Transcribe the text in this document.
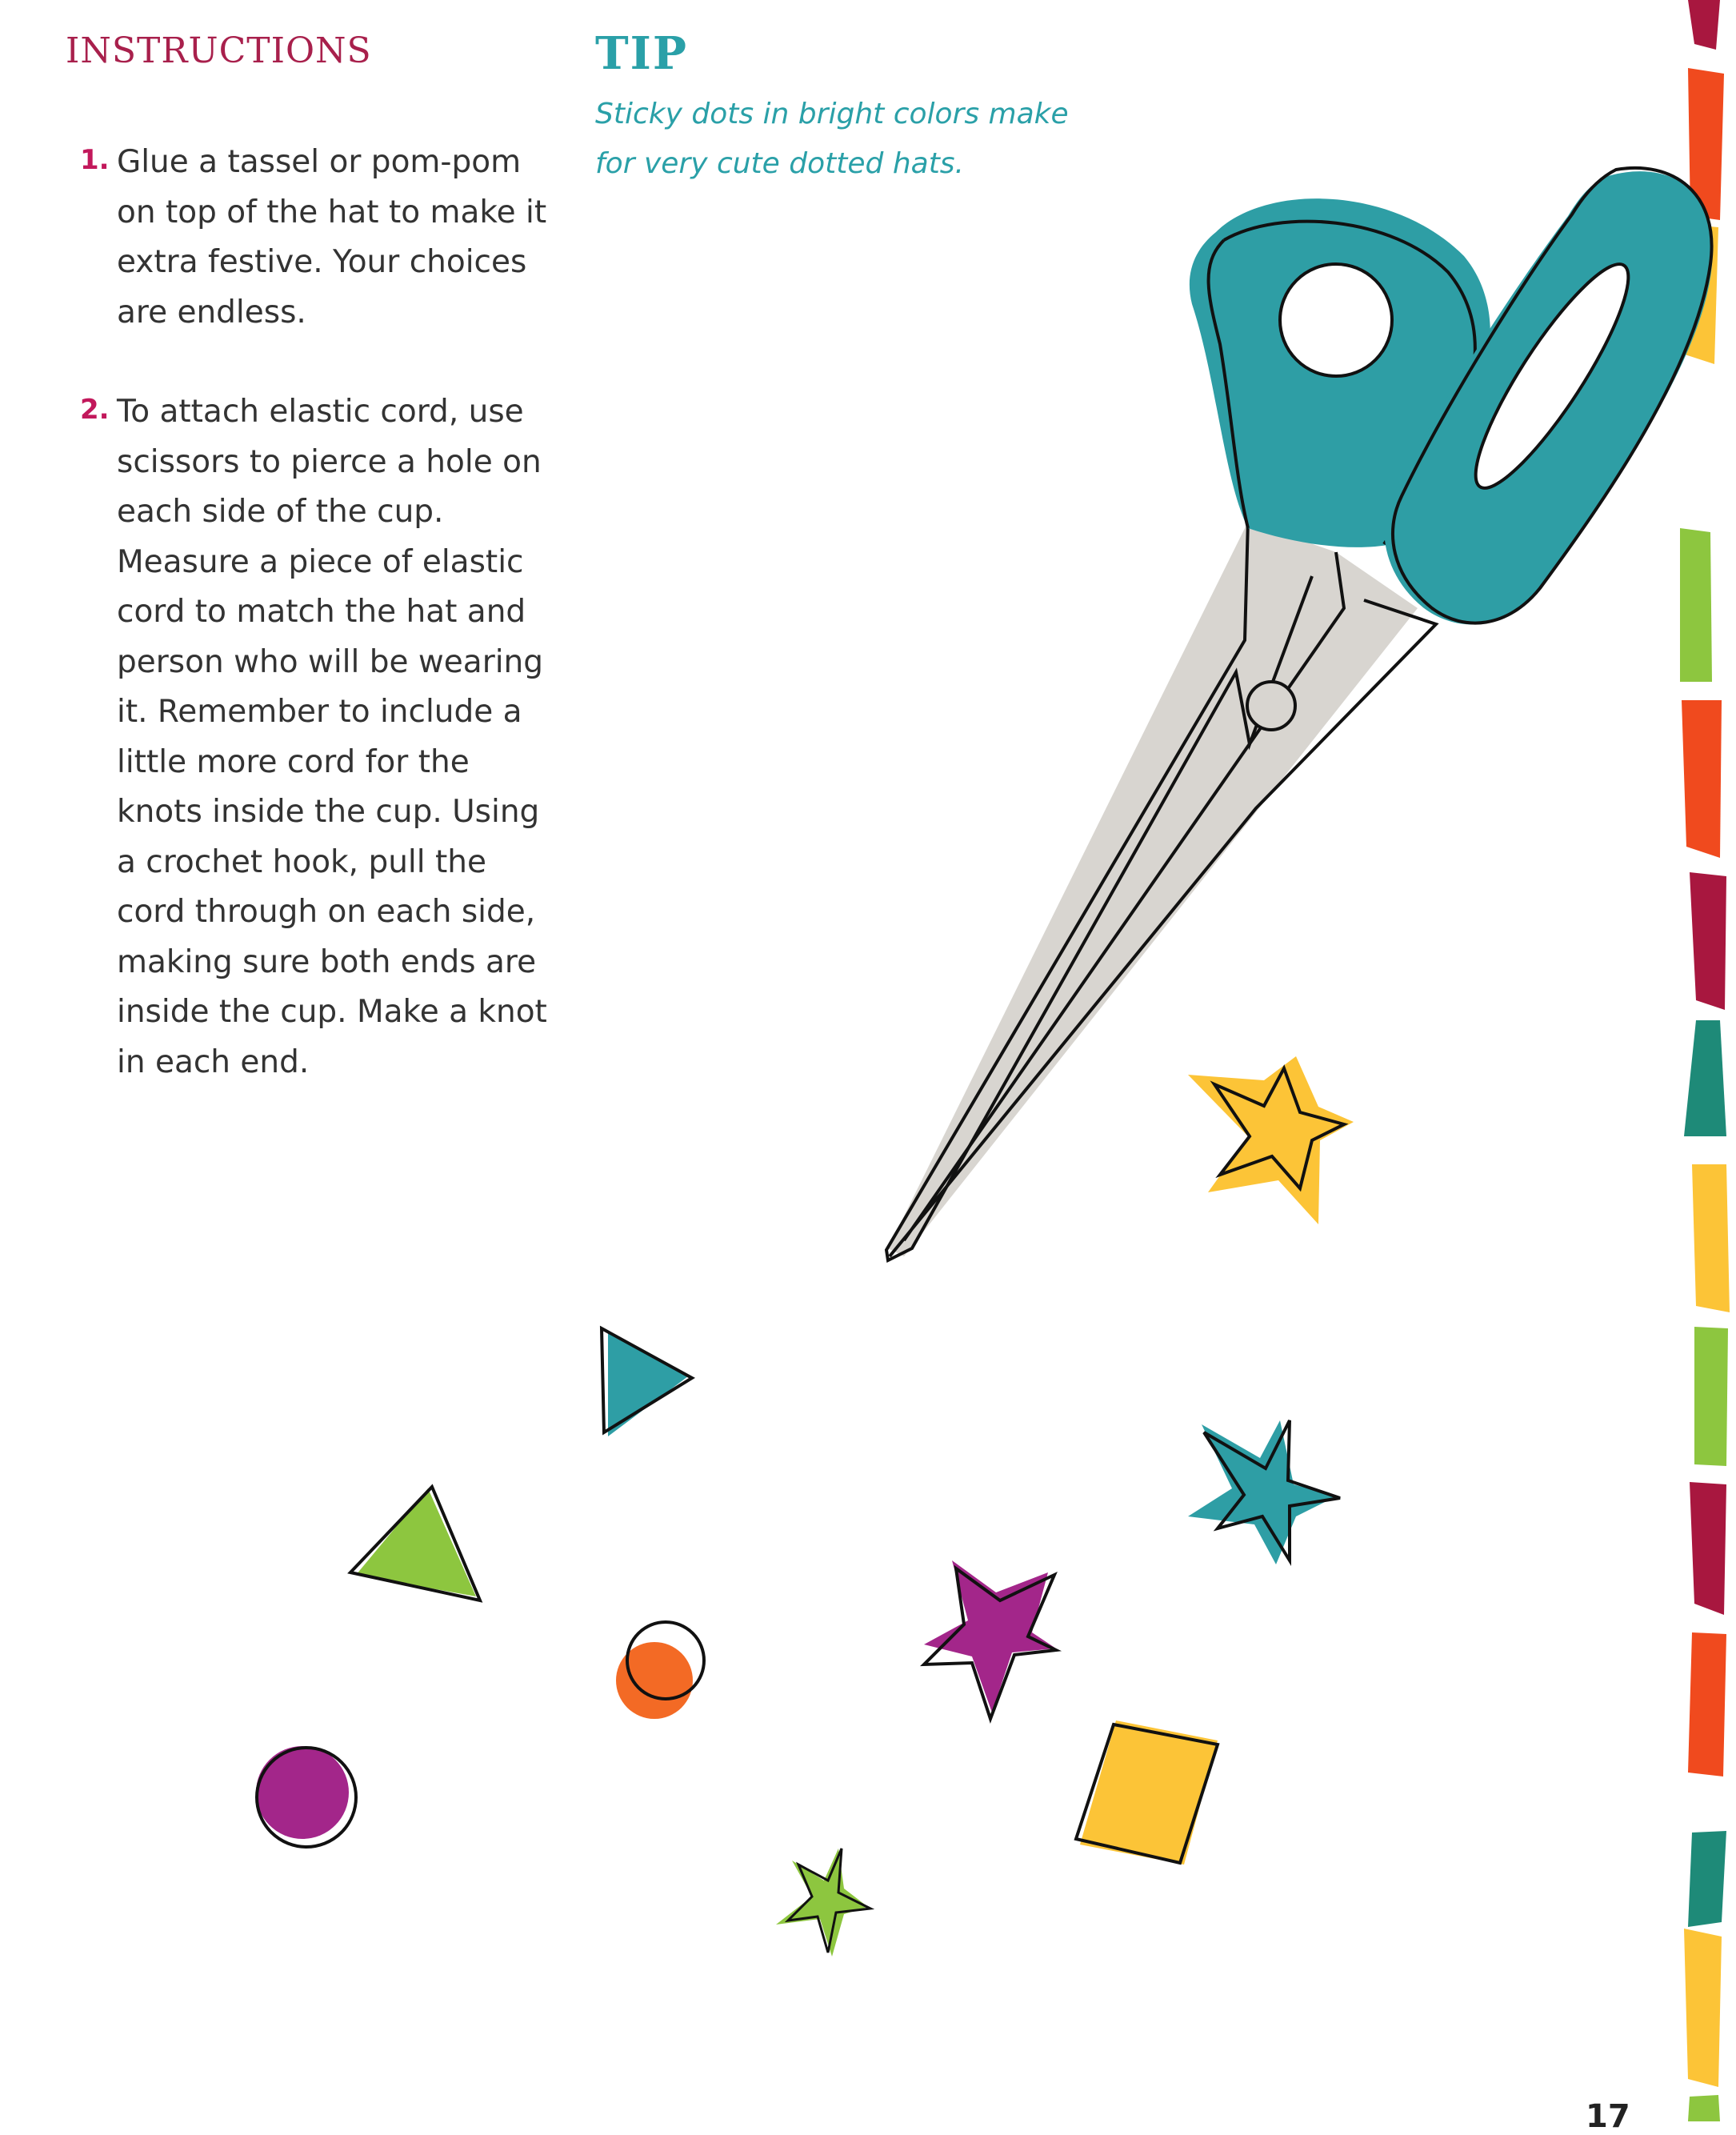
INSTRUCTIONS
1. Glue a tassel or pom-pom on top of the hat to make it extra festive. Your choices are endless.

2. To attach elastic cord, use scissors to pierce a hole on each side of the cup. Measure a piece of elastic cord to match the hat and person who will be wearing it. Remember to include a little more cord for the knots inside the cup. Using a crochet hook, pull the cord through on each side, making sure both ends are inside the cup. Make a knot in each end.

TIP

Sticky dots in bright colors make for very cute dotted hats.

17
